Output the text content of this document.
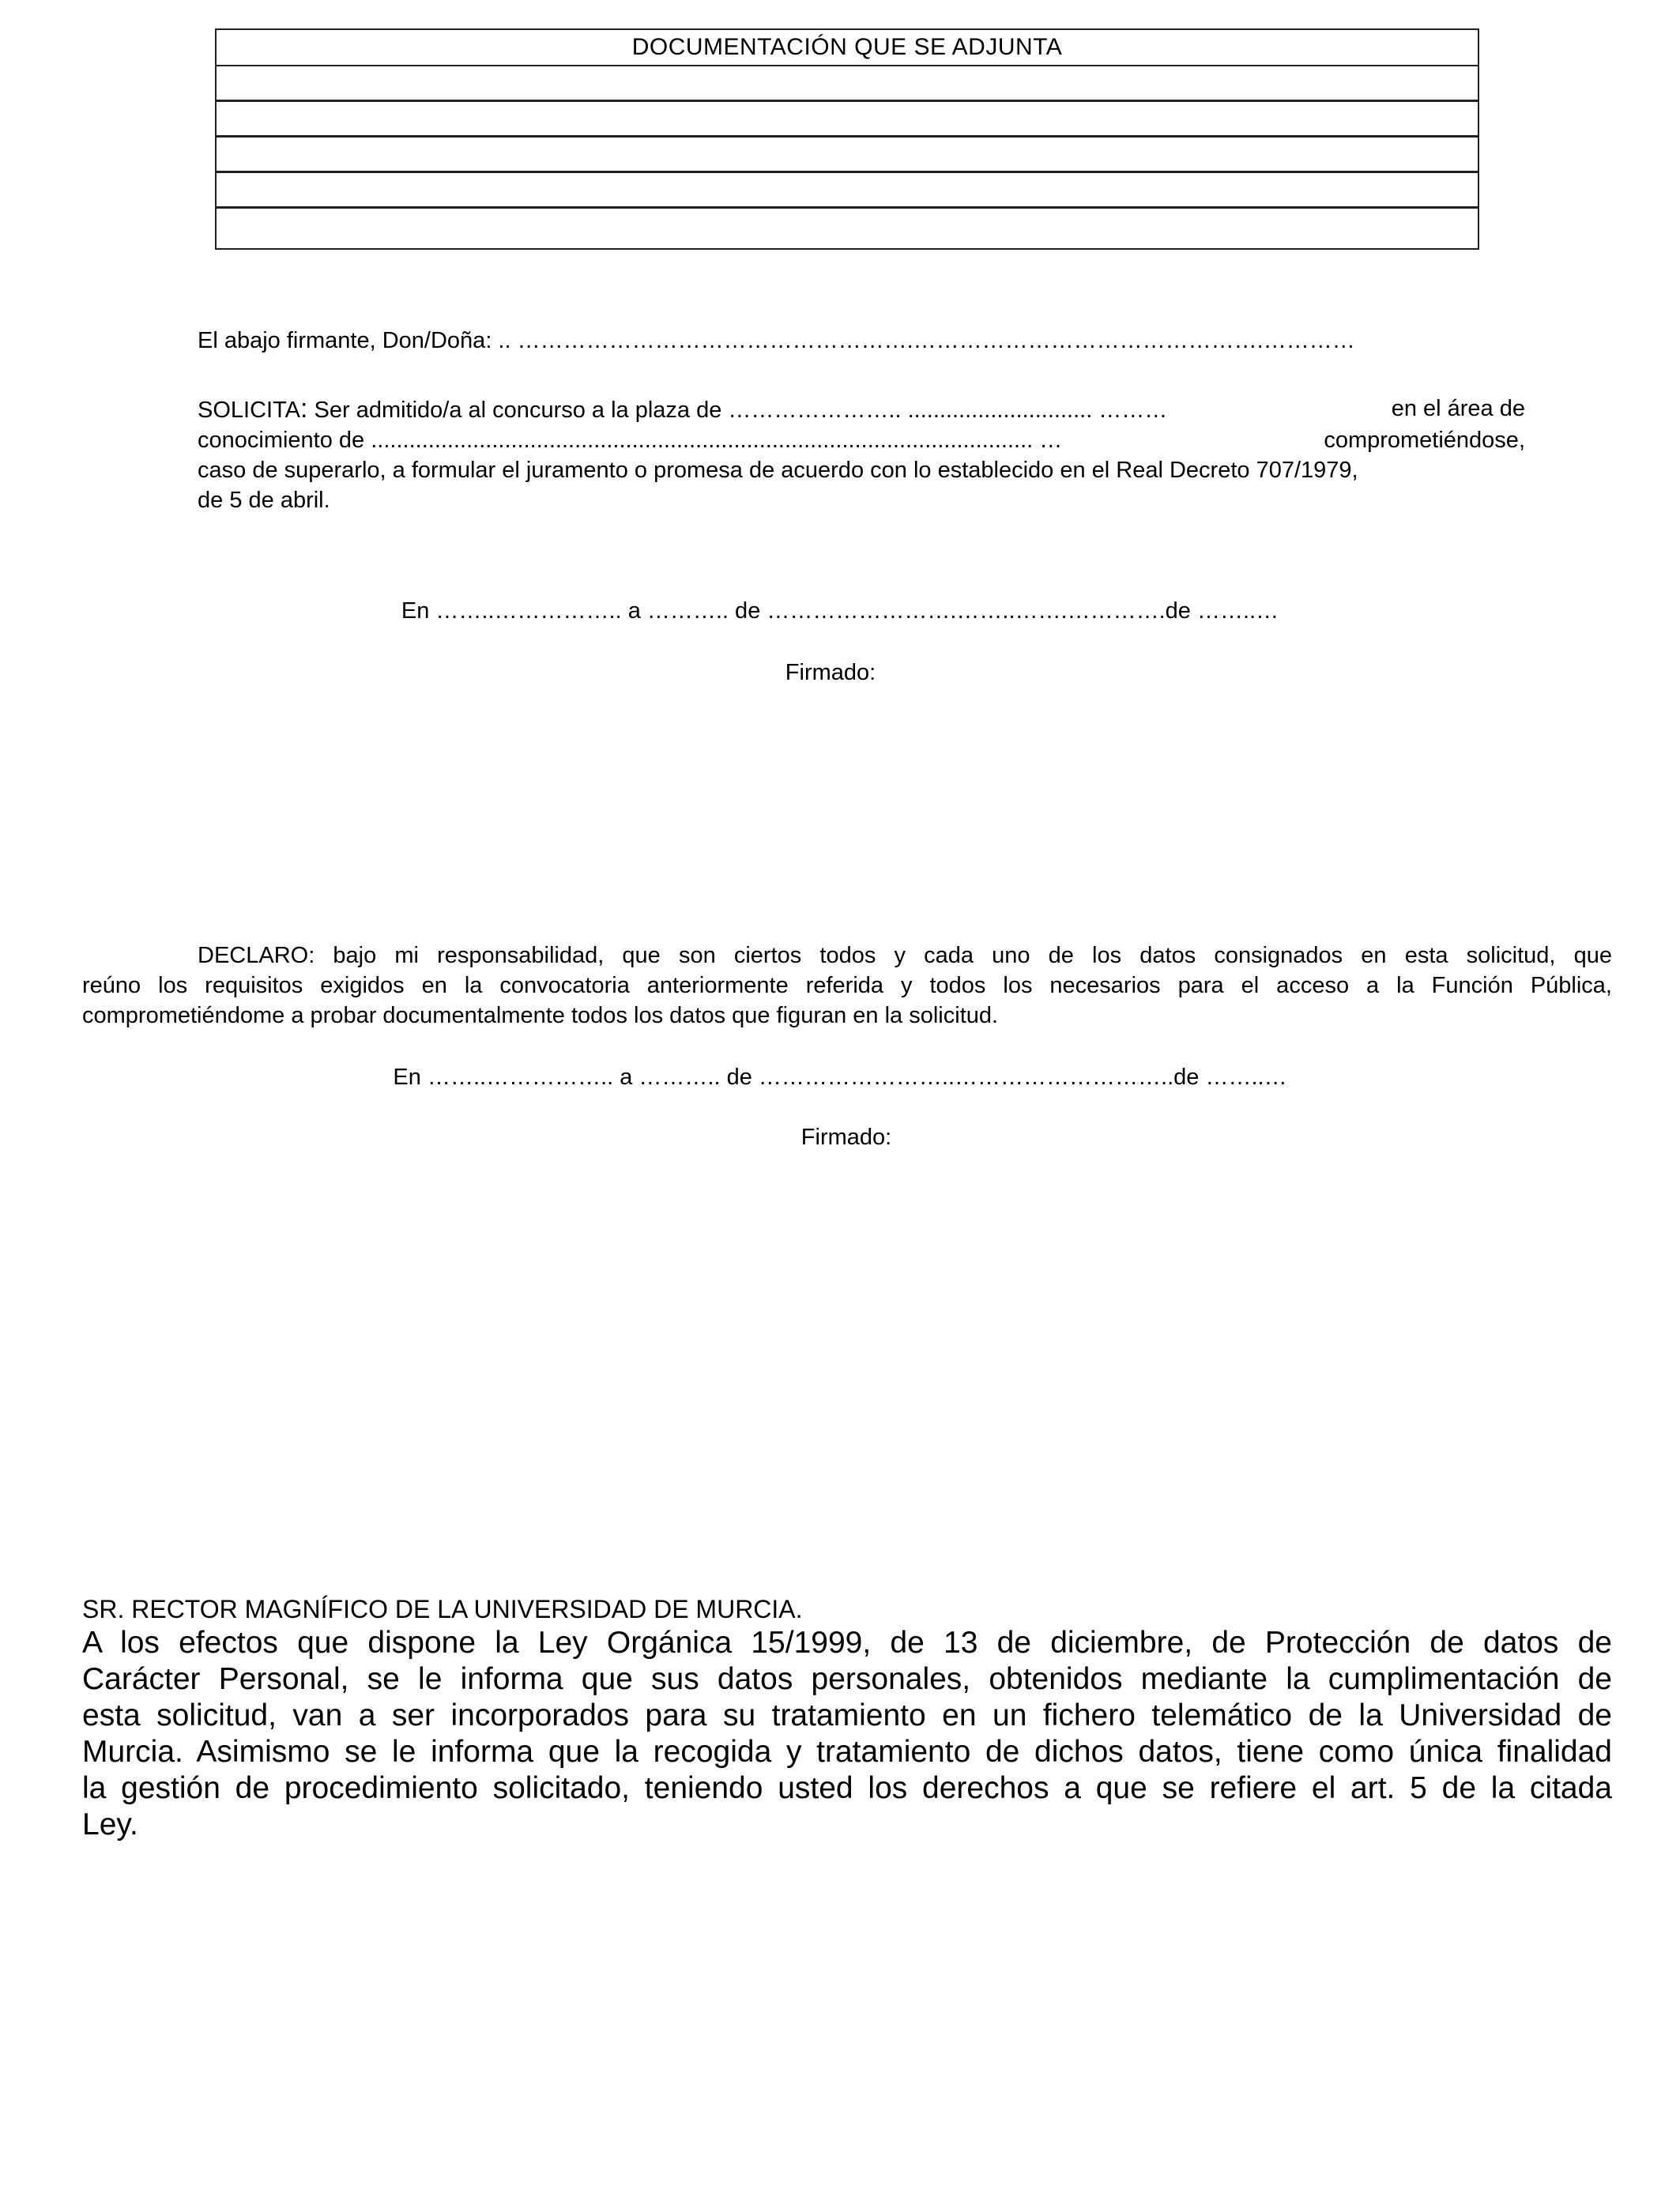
DOCUMENTACIÓN QUE SE ADJUNTA
El abajo firmante, Don/Doña: .. …………………………………………….……………………………………….…………
SOLICITA: Ser admitido/a al concurso a la plaza de ………………….. ............................. ………	en el área de
conocimiento de ........................................................................................................ …	comprometiéndose,
caso de superarlo, a formular el juramento o promesa de acuerdo con lo establecido en el Real Decreto 707/1979,
de 5 de abril.
En ……..…………….. a ……….. de …………………….……..…….………….de ……..…
Firmado:
DECLARO: bajo mi responsabilidad, que son ciertos todos y cada uno de los datos consignados en esta solicitud, que
reúno los requisitos exigidos en la convocatoria anteriormente referida y todos los necesarios para el acceso a la Función Pública,
comprometiéndome a probar documentalmente todos los datos que figuran en la solicitud.
En ……..…………….. a ……….. de ……………………..………………………..de ……..…
Firmado:
SR. RECTOR MAGNÍFICO DE LA UNIVERSIDAD DE MURCIA.
A los efectos que dispone la Ley Orgánica 15/1999, de 13 de diciembre, de Protección de datos de
Carácter Personal, se le informa que sus datos personales, obtenidos mediante la cumplimentación de
esta solicitud, van a ser incorporados para su tratamiento en un fichero telemático de la Universidad de
Murcia. Asimismo se le informa que la recogida y tratamiento de dichos datos, tiene como única finalidad
la gestión de procedimiento solicitado, teniendo usted los derechos a que se refiere el art. 5 de la citada
Ley.
